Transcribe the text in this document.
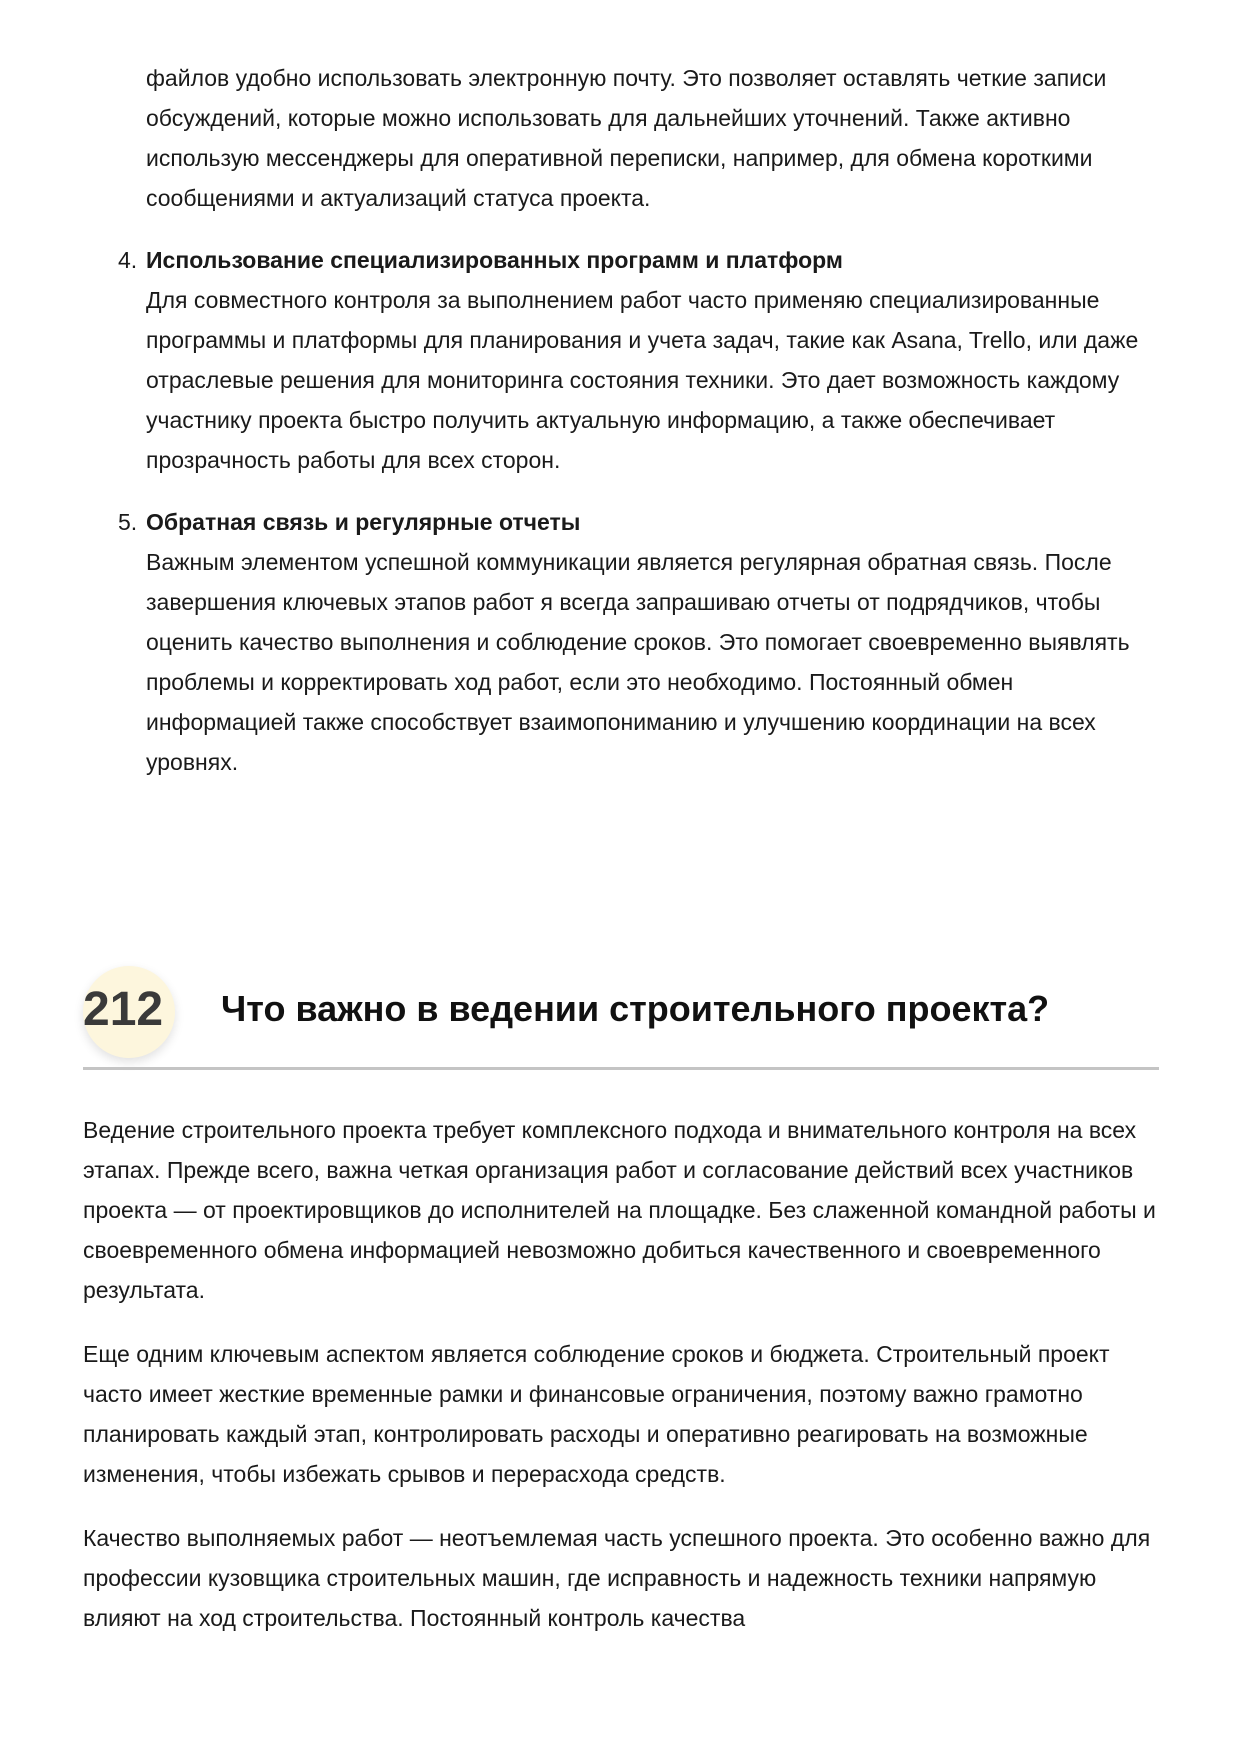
файлов удобно использовать электронную почту. Это позволяет оставлять четкие записи обсуждений, которые можно использовать для дальнейших уточнений. Также активно использую мессенджеры для оперативной переписки, например, для обмена короткими сообщениями и актуализаций статуса проекта.

4. Использование специализированных программ и платформ

Для совместного контроля за выполнением работ часто применяю специализированные программы и платформы для планирования и учета задач, такие как Asana, Trello, или даже отраслевые решения для мониторинга состояния техники. Это дает возможность каждому участнику проекта быстро получить актуальную информацию, а также обеспечивает прозрачность работы для всех сторон.

5. Обратная связь и регулярные отчеты

Важным элементом успешной коммуникации является регулярная обратная связь. После завершения ключевых этапов работ я всегда запрашиваю отчеты от подрядчиков, чтобы оценить качество выполнения и соблюдение сроков. Это помогает своевременно выявлять проблемы и корректировать ход работ, если это необходимо. Постоянный обмен информацией также способствует взаимопониманию и улучшению координации на всех уровнях.

212 Что важно в ведении строительного проекта?

Ведение строительного проекта требует комплексного подхода и внимательного контроля на всех этапах. Прежде всего, важна четкая организация работ и согласование действий всех участников проекта — от проектировщиков до исполнителей на площадке. Без слаженной командной работы и своевременного обмена информацией невозможно добиться качественного и своевременного результата.

Еще одним ключевым аспектом является соблюдение сроков и бюджета. Строительный проект часто имеет жесткие временные рамки и финансовые ограничения, поэтому важно грамотно планировать каждый этап, контролировать расходы и оперативно реагировать на возможные изменения, чтобы избежать срывов и перерасхода средств.

Качество выполняемых работ — неотъемлемая часть успешного проекта. Это особенно важно для профессии кузовщика строительных машин, где исправность и надежность техники напрямую влияют на ход строительства. Постоянный контроль качества
